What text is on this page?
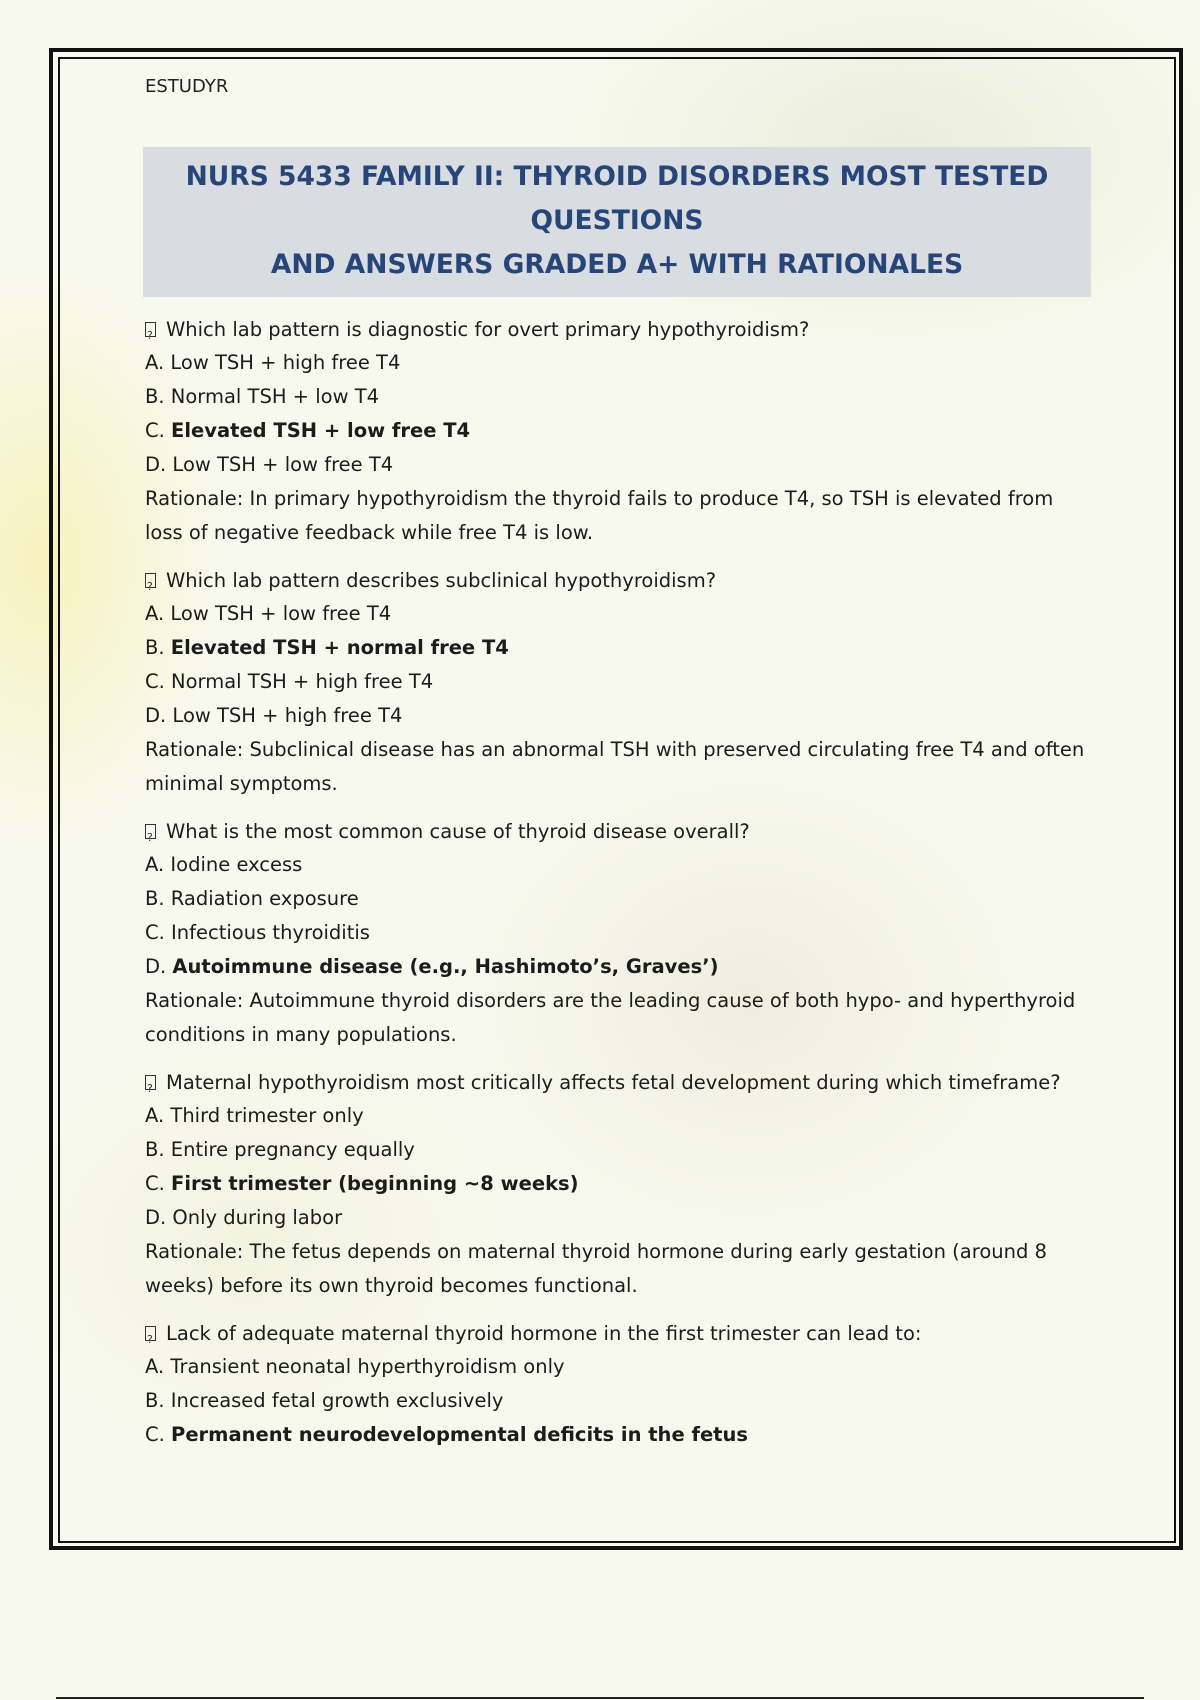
ESTUDYR
NURS 5433 FAMILY II: THYROID DISORDERS MOST TESTED QUESTIONS
AND ANSWERS GRADED A+ WITH RATIONALES
?Which lab pattern is diagnostic for overt primary hypothyroidism?
A. Low TSH + high free T4
B. Normal TSH + low T4
C. Elevated TSH + low free T4
D. Low TSH + low free T4
Rationale: In primary hypothyroidism the thyroid fails to produce T4, so TSH is elevated from
loss of negative feedback while free T4 is low.
?Which lab pattern describes subclinical hypothyroidism?
A. Low TSH + low free T4
B. Elevated TSH + normal free T4
C. Normal TSH + high free T4
D. Low TSH + high free T4
Rationale: Subclinical disease has an abnormal TSH with preserved circulating free T4 and often
minimal symptoms.
?What is the most common cause of thyroid disease overall?
A. Iodine excess
B. Radiation exposure
C. Infectious thyroiditis
D. Autoimmune disease (e.g., Hashimoto’s, Graves’)
Rationale: Autoimmune thyroid disorders are the leading cause of both hypo- and hyperthyroid
conditions in many populations.
?Maternal hypothyroidism most critically affects fetal development during which timeframe?
A. Third trimester only
B. Entire pregnancy equally
C. First trimester (beginning ~8 weeks)
D. Only during labor
Rationale: The fetus depends on maternal thyroid hormone during early gestation (around 8
weeks) before its own thyroid becomes functional.
?Lack of adequate maternal thyroid hormone in the first trimester can lead to:
A. Transient neonatal hyperthyroidism only
B. Increased fetal growth exclusively
C. Permanent neurodevelopmental deficits in the fetus
